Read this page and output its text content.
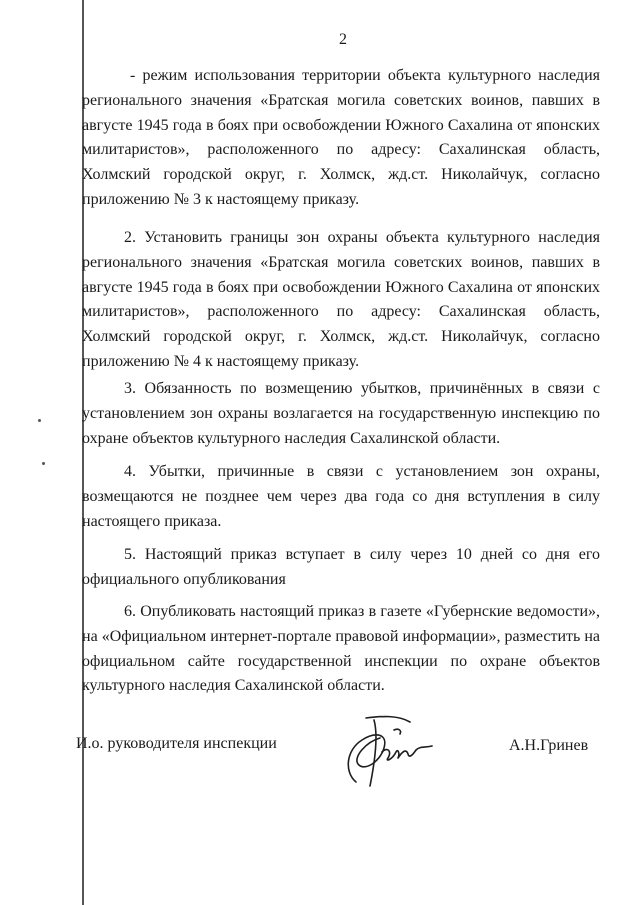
2

- режим использования территории объекта культурного наследия регионального значения «Братская могила советских воинов, павших в августе 1945 года в боях при освобождении Южного Сахалина от японских милитаристов», расположенного по адресу: Сахалинская область, Холмский городской округ, г. Холмск, жд.ст. Николайчук, согласно приложению № 3 к настоящему приказу.

2. Установить границы зон охраны объекта культурного наследия регионального значения «Братская могила советских воинов, павших в августе 1945 года в боях при освобождении Южного Сахалина от японских милитаристов», расположенного по адресу: Сахалинская область, Холмский городской округ, г. Холмск, жд.ст. Николайчук, согласно приложению № 4 к настоящему приказу.

3. Обязанность по возмещению убытков, причинённых в связи с установлением зон охраны возлагается на государственную инспекцию по охране объектов культурного наследия Сахалинской области.

4. Убытки, причинные в связи с установлением зон охраны, возмещаются не позднее чем через два года со дня вступления в силу настоящего приказа.

5. Настоящий приказ вступает в силу через 10 дней со дня его официального опубликования

6. Опубликовать настоящий приказ в газете «Губернские ведомости», на «Официальном интернет-портале правовой информации», разместить на официальном сайте государственной инспекции по охране объектов культурного наследия Сахалинской области.

И.о. руководителя инспекции	А.Н.Гринев
